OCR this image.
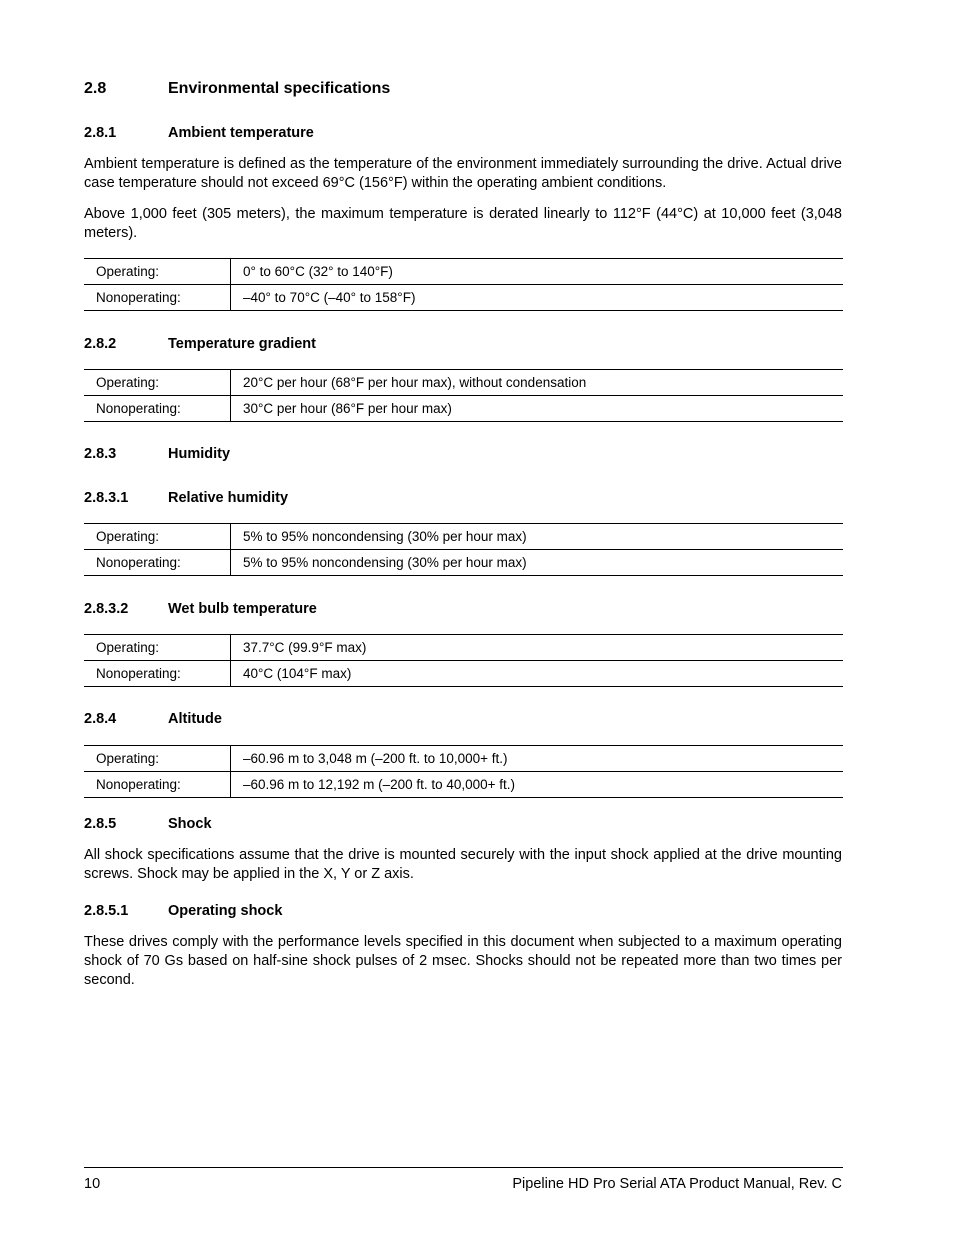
2.8	Environmental specifications
2.8.1	Ambient temperature
Ambient temperature is defined as the temperature of the environment immediately surrounding the drive. Actual drive case temperature should not exceed 69°C (156°F) within the operating ambient conditions.
Above 1,000 feet (305 meters), the maximum temperature is derated linearly to 112°F (44°C) at 10,000 feet (3,048 meters).
Operating:	0° to 60°C (32° to 140°F)
Nonoperating:	–40° to 70°C (–40° to 158°F)
2.8.2	Temperature gradient
Operating:	20°C per hour (68°F per hour max), without condensation
Nonoperating:	30°C per hour (86°F per hour max)
2.8.3	Humidity
2.8.3.1	Relative humidity
Operating:	5% to 95% noncondensing (30% per hour max)
Nonoperating:	5% to 95% noncondensing (30% per hour max)
2.8.3.2	Wet bulb temperature
Operating:	37.7°C (99.9°F max)
Nonoperating:	40°C (104°F max)
2.8.4	Altitude
Operating:	–60.96 m to 3,048 m (–200 ft. to 10,000+ ft.)
Nonoperating:	–60.96 m to 12,192 m (–200 ft. to 40,000+ ft.)
2.8.5	Shock
All shock specifications assume that the drive is mounted securely with the input shock applied at the drive mounting screws. Shock may be applied in the X, Y or Z axis.
2.8.5.1	Operating shock
These drives comply with the performance levels specified in this document when subjected to a maximum operating shock of 70 Gs based on half-sine shock pulses of 2 msec. Shocks should not be repeated more than two times per second.
10	Pipeline HD Pro Serial ATA Product Manual, Rev. C
